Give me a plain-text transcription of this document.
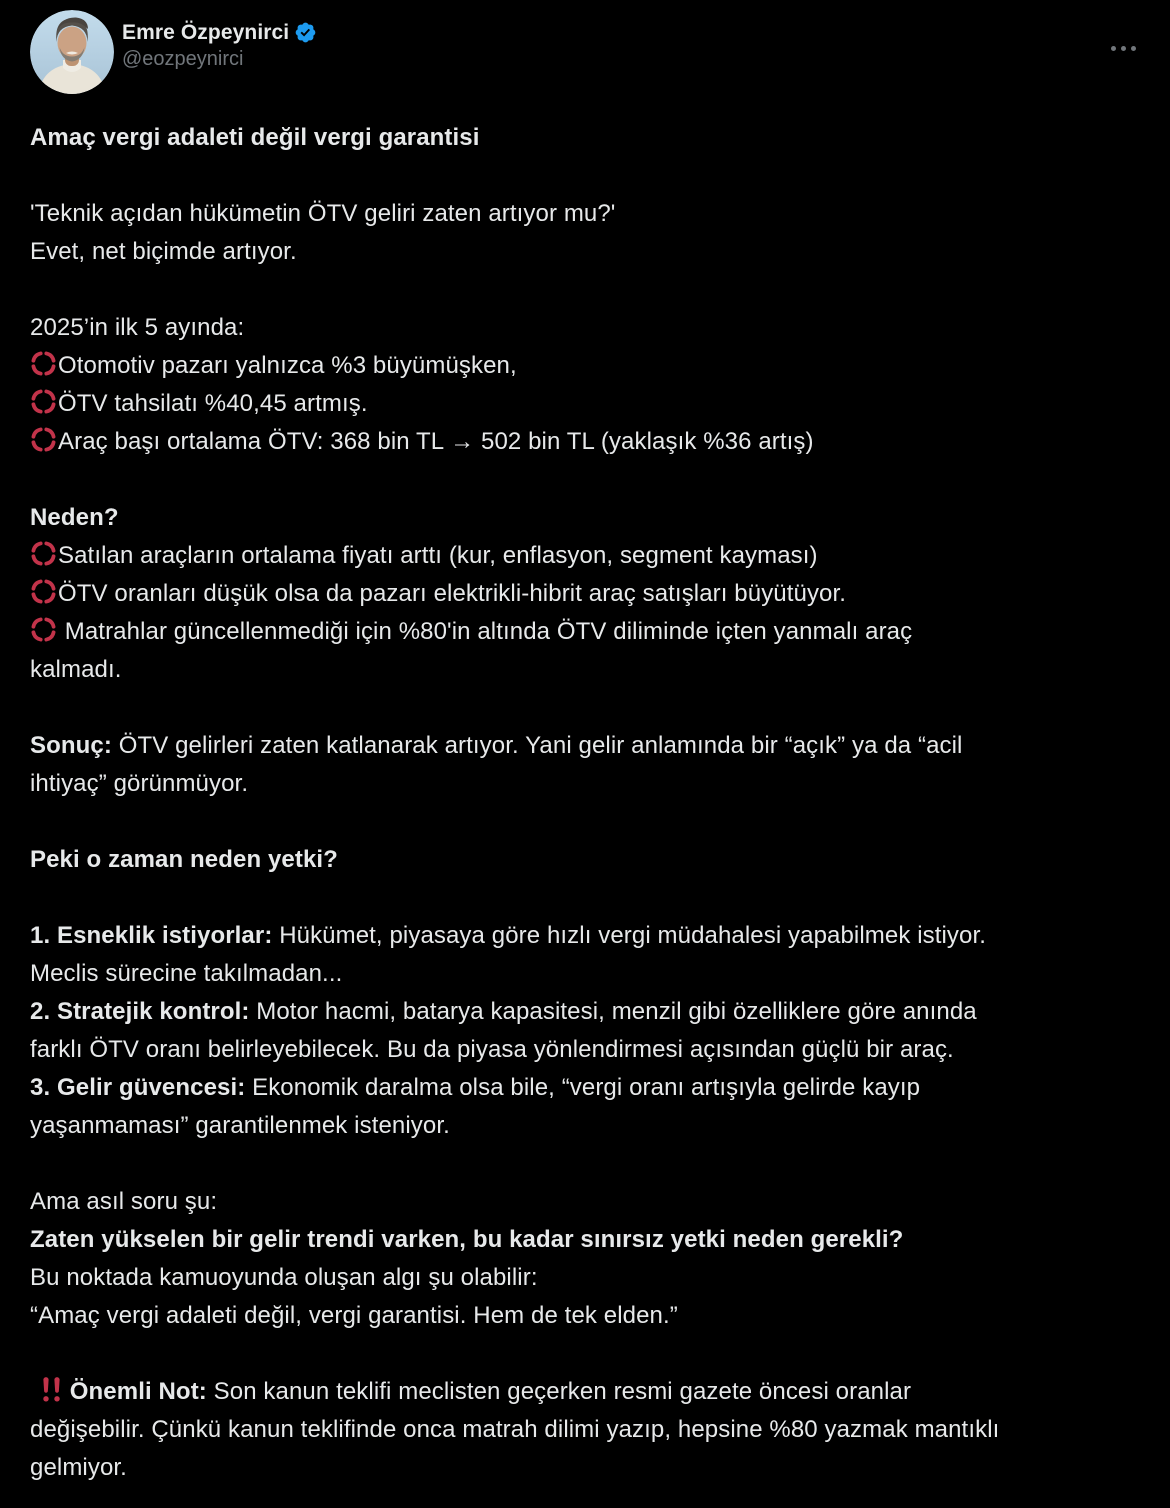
Emre Özpeynirci
@eozpeynirci

Amaç vergi adaleti değil vergi garantisi

'Teknik açıdan hükümetin ÖTV geliri zaten artıyor mu?'
Evet, net biçimde artıyor.

2025’in ilk 5 ayında:
Otomotiv pazarı yalnızca %3 büyümüşken,
ÖTV tahsilatı %40,45 artmış.
Araç başı ortalama ÖTV: 368 bin TL → 502 bin TL (yaklaşık %36 artış)

Neden?
Satılan araçların ortalama fiyatı arttı (kur, enflasyon, segment kayması)
ÖTV oranları düşük olsa da pazarı elektrikli-hibrit araç satışları büyütüyor.
Matrahlar güncellenmediği için %80'in altında ÖTV diliminde içten yanmalı araç
kalmadı.

Sonuç: ÖTV gelirleri zaten katlanarak artıyor. Yani gelir anlamında bir “açık” ya da “acil
ihtiyaç” görünmüyor.

Peki o zaman neden yetki?

1. Esneklik istiyorlar: Hükümet, piyasaya göre hızlı vergi müdahalesi yapabilmek istiyor.
Meclis sürecine takılmadan...
2. Stratejik kontrol: Motor hacmi, batarya kapasitesi, menzil gibi özelliklere göre anında
farklı ÖTV oranı belirleyebilecek. Bu da piyasa yönlendirmesi açısından güçlü bir araç.
3. Gelir güvencesi: Ekonomik daralma olsa bile, “vergi oranı artışıyla gelirde kayıp
yaşanmaması” garantilenmek isteniyor.

Ama asıl soru şu:
Zaten yükselen bir gelir trendi varken, bu kadar sınırsız yetki neden gerekli?
Bu noktada kamuoyunda oluşan algı şu olabilir:
“Amaç vergi adaleti değil, vergi garantisi. Hem de tek elden.”

Önemli Not: Son kanun teklifi meclisten geçerken resmi gazete öncesi oranlar
değişebilir. Çünkü kanun teklifinde onca matrah dilimi yazıp, hepsine %80 yazmak mantıklı
gelmiyor.
